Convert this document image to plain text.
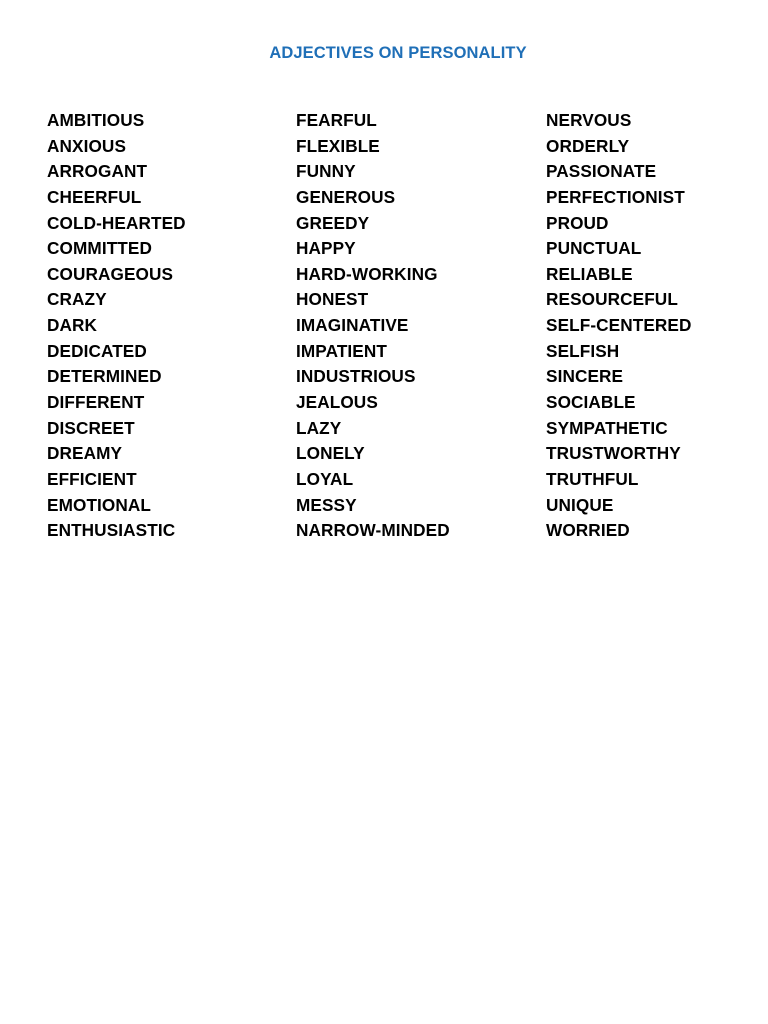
ADJECTIVES ON PERSONALITY
AMBITIOUS
ANXIOUS
ARROGANT
CHEERFUL
COLD-HEARTED
COMMITTED
COURAGEOUS
CRAZY
DARK
DEDICATED
DETERMINED
DIFFERENT
DISCREET
DREAMY
EFFICIENT
EMOTIONAL
ENTHUSIASTIC
FEARFUL
FLEXIBLE
FUNNY
GENEROUS
GREEDY
HAPPY
HARD-WORKING
HONEST
IMAGINATIVE
IMPATIENT
INDUSTRIOUS
JEALOUS
LAZY
LONELY
LOYAL
MESSY
NARROW-MINDED
NERVOUS
ORDERLY
PASSIONATE
PERFECTIONIST
PROUD
PUNCTUAL
RELIABLE
RESOURCEFUL
SELF-CENTERED
SELFISH
SINCERE
SOCIABLE
SYMPATHETIC
TRUSTWORTHY
TRUTHFUL
UNIQUE
WORRIED
